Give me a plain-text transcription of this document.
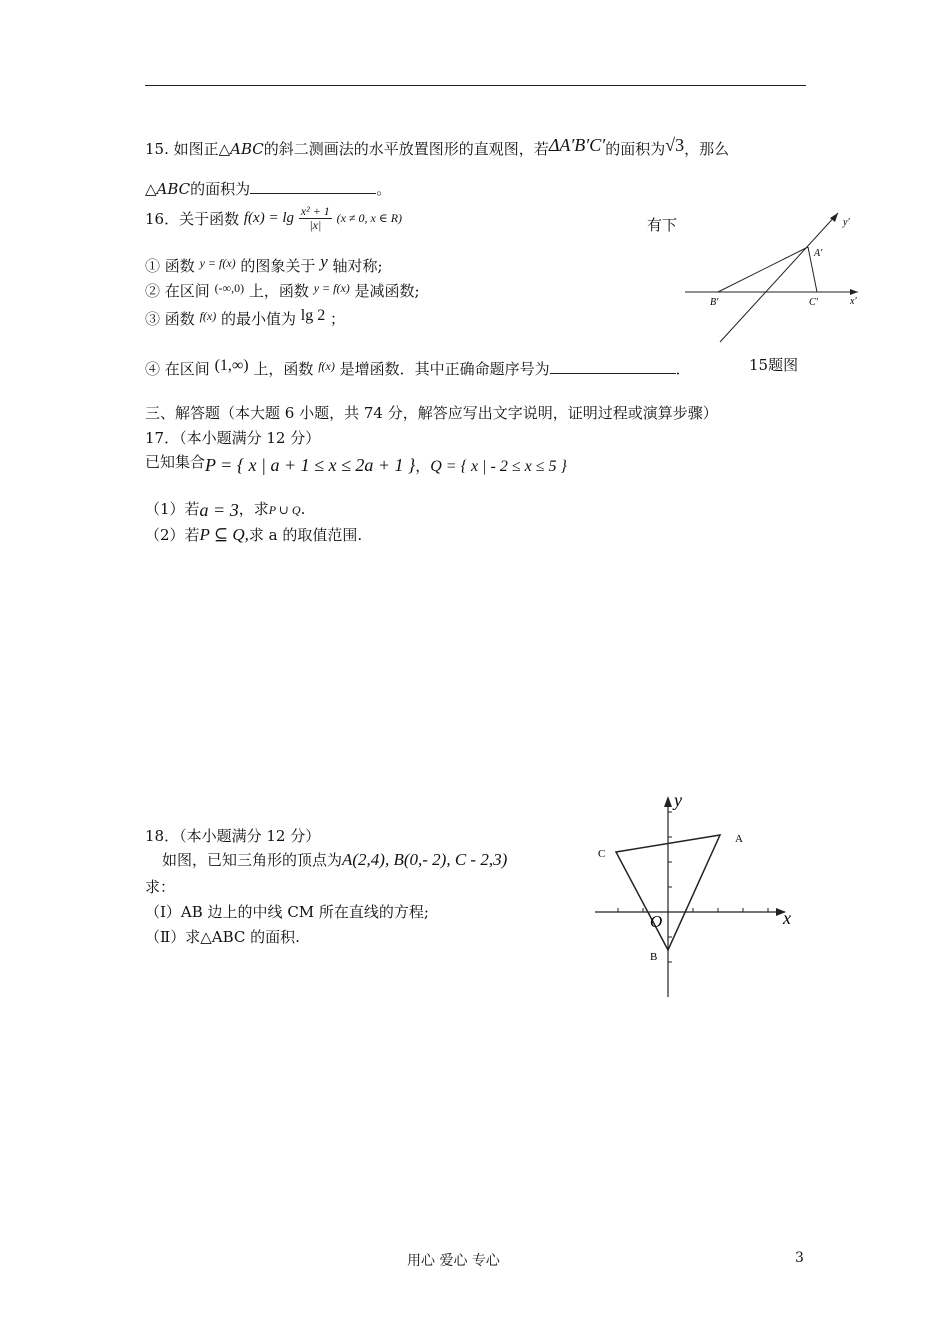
15. 如图正△ABC的斜二测画法的水平放置图形的直观图，若ΔA′B′C′的面积为√3，那么
△ABC的面积为	。
16．关于函数 $f(x) = \lg \frac{\text{x² + 1}}{|x|} (x \ne 0$, x ∈ R)	有下
① 函数 $^{y = f(x)}$ 的图象关于 y 轴对称;
② 在区间 $^{(-\infty,0)}$ 上，函数 $^{y = f(x)}$ 是减函数;
③ 函数 $^{f(x)}$ 的最小值为 lg 2 ；
④ 在区间 (1,∞) 上，函数 $^{f(x)}$ 是增函数．其中正确命题序号为	．	15题图
y′
x′
A′
B′	C′
三、解答题（本大题 6 小题，共 74 分，解答应写出文字说明，证明过程或演算步骤）
17．（本小题满分 12 分）
已知集合P = { x | a + 1 ≤ x ≤ 2a + 1 }，Q = { x | - 2 ≤ x ≤ 5 }
（1）若a = 3，求P ∪ Q.
（2）若P ⊆ Q,求 a 的取值范围.
18．（本小题满分 12 分）
如图，已知三角形的顶点为A(2,4), B(0,- 2), C - 2,3)
求：
（Ⅰ）AB 边上的中线 CM 所在直线的方程;
（Ⅱ）求△ABC 的面积.
y
x
O
A
C
B
用心 爱心 专心	3
